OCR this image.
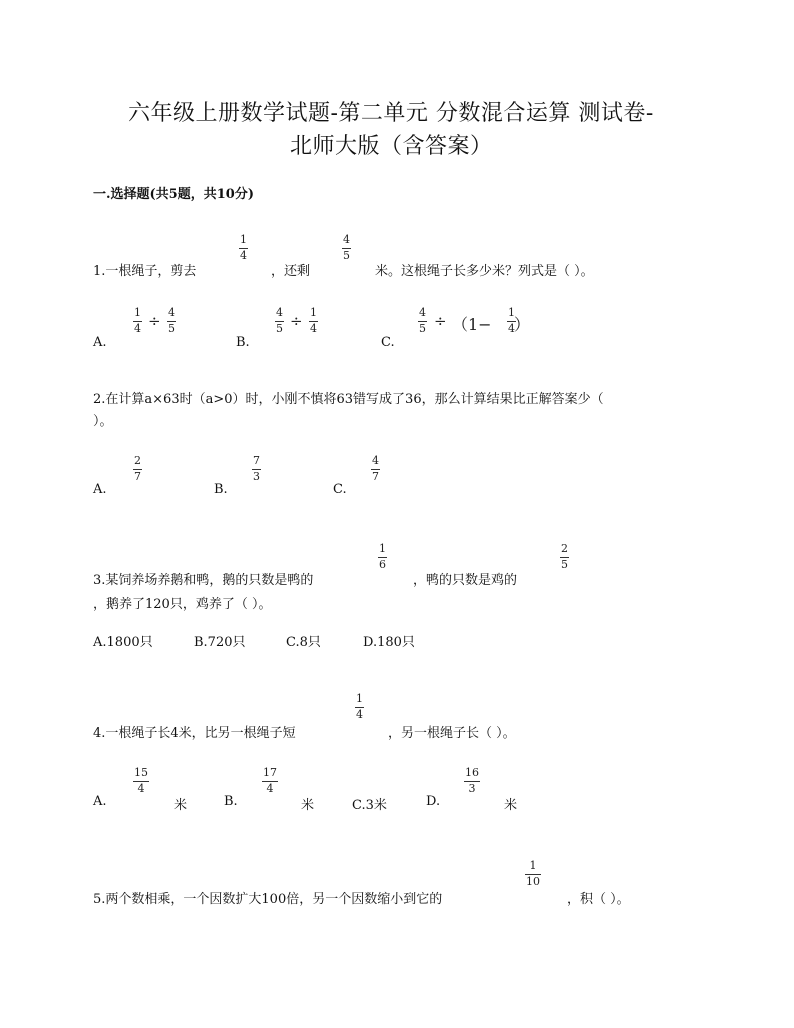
六年级上册数学试题-第二单元 分数混合运算 测试卷-
北师大版（含答案）
一.选择题(共5题，共10分)
1.一根绳子，剪去
1
4
，还剩
4
5
米。这根绳子长多少米？列式是（ ）。
A.
1
4 ÷ 4
5
B.
4
5 ÷ 1
4
C.
4
5 ÷ （1−
1
4 ）
2.在计算a×63时（a>0）时，小刚不慎将63错写成了36，那么计算结果比正解答案少（
）。
A.
2
7
B.
7
3
C.
4
7
3.某饲养场养鹅和鸭，鹅的只数是鸭的
1
6
，鸭的只数是鸡的
2
5
，鹅养了120只，鸡养了（ ）。
A.1800只	B.720只	C.8只	D.180只
4.一根绳子长4米，比另一根绳子短
1
4
，另一根绳子长（ ）。
A.
15
4
米	B.
17
4
米	C.3米	D.
16
3
米
5.两个数相乘，一个因数扩大100倍，另一个因数缩小到它的
1
10
，积（ ）。
